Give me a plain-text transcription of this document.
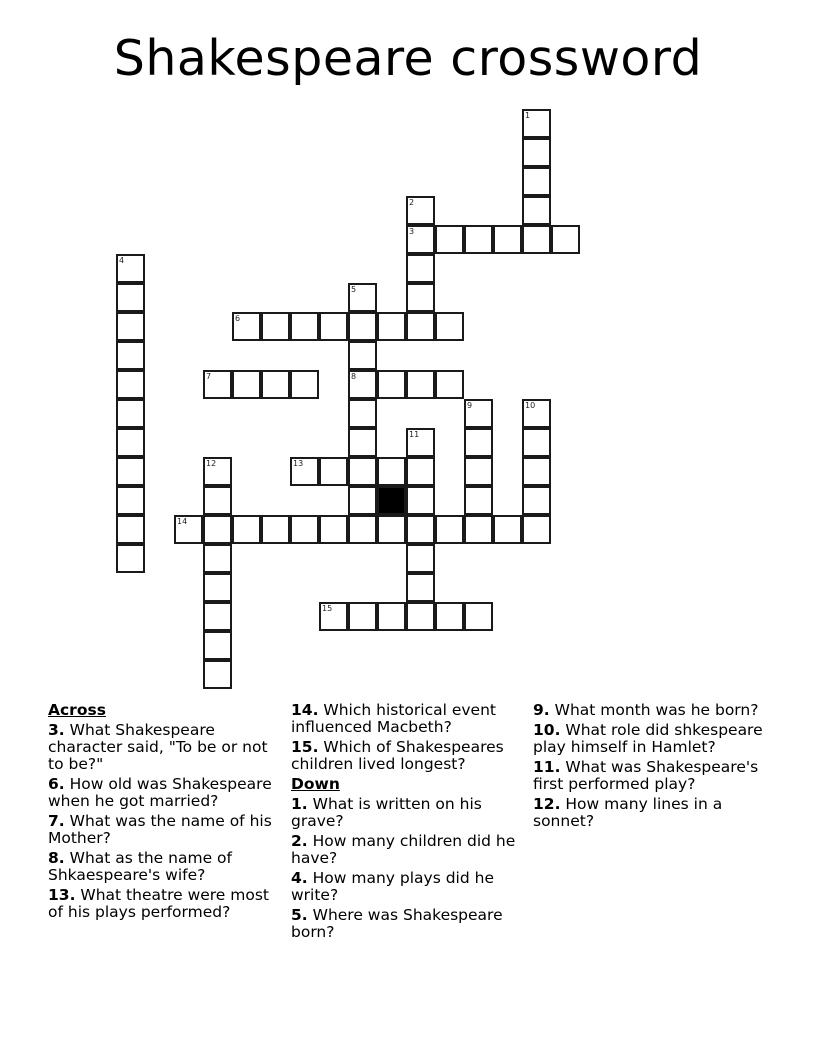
Shakespeare crossword
1
2
3
4
5
8
6
7
9	10
11
12	13
14
15
Across
3. What Shakespeare character said, "To be or not to be?"
6. How old was Shakespeare when he got married?
7. What was the name of his Mother?
8. What as the name of Shkaespeare's wife?
13. What theatre were most of his plays performed?
14. Which historical event influenced Macbeth?
15. Which of Shakespeares children lived longest?
Down
1. What is written on his grave?
2. How many children did he have?
4. How many plays did he write?
5. Where was Shakespeare born?
9. What month was he born?
10. What role did shkespeare play himself in Hamlet?
11. What was Shakespeare's first performed play?
12. How many lines in a sonnet?
